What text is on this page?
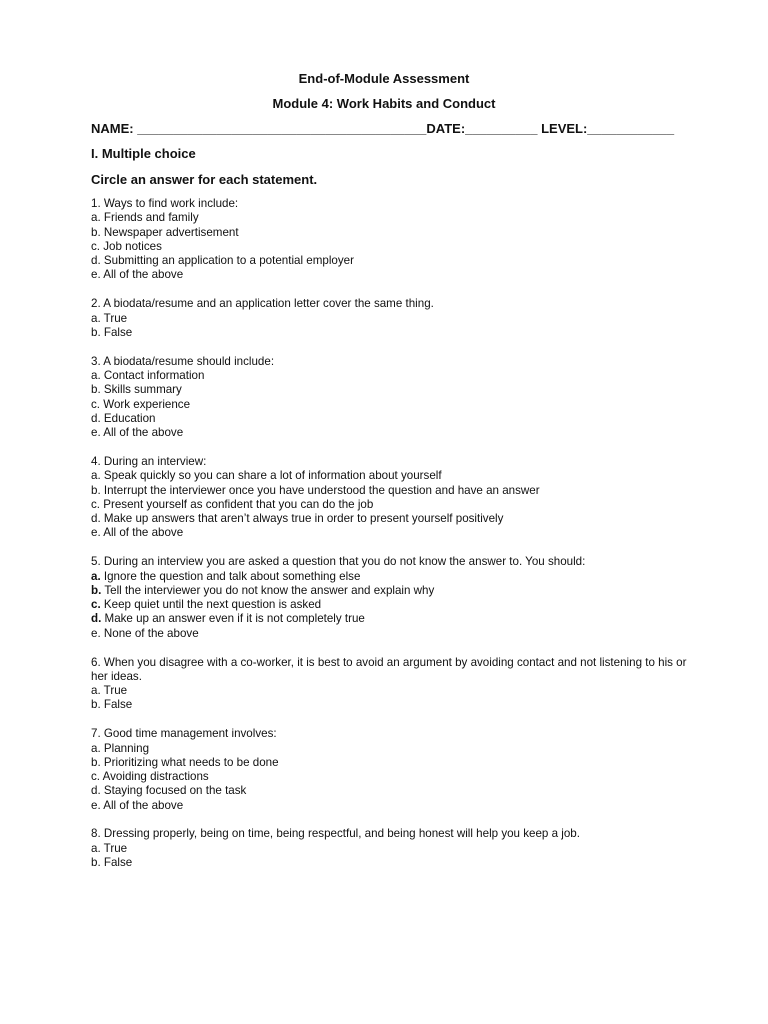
End-of-Module Assessment
Module 4: Work Habits and Conduct
NAME: ________________________________________DATE:__________ LEVEL:____________
I. Multiple choice
Circle an answer for each statement.
1. Ways to find work include:
a. Friends and family
b. Newspaper advertisement
c. Job notices
d. Submitting an application to a potential employer
e. All of the above
2. A biodata/resume and an application letter cover the same thing.
a. True
b. False
3. A biodata/resume should include:
a. Contact information
b. Skills summary
c. Work experience
d. Education
e. All of the above
4. During an interview:
a. Speak quickly so you can share a lot of information about yourself
b. Interrupt the interviewer once you have understood the question and have an answer
c. Present yourself as confident that you can do the job
d. Make up answers that aren’t always true in order to present yourself positively
e. All of the above
5. During an interview you are asked a question that you do not know the answer to. You should:
a. Ignore the question and talk about something else
b. Tell the interviewer you do not know the answer and explain why
c. Keep quiet until the next question is asked
d. Make up an answer even if it is not completely true
e. None of the above
6. When you disagree with a co-worker, it is best to avoid an argument by avoiding contact and not listening to his or her ideas.
a. True
b. False
7. Good time management involves:
a. Planning
b. Prioritizing what needs to be done
c. Avoiding distractions
d. Staying focused on the task
e. All of the above
8. Dressing properly, being on time, being respectful, and being honest will help you keep a job.
a. True
b. False
